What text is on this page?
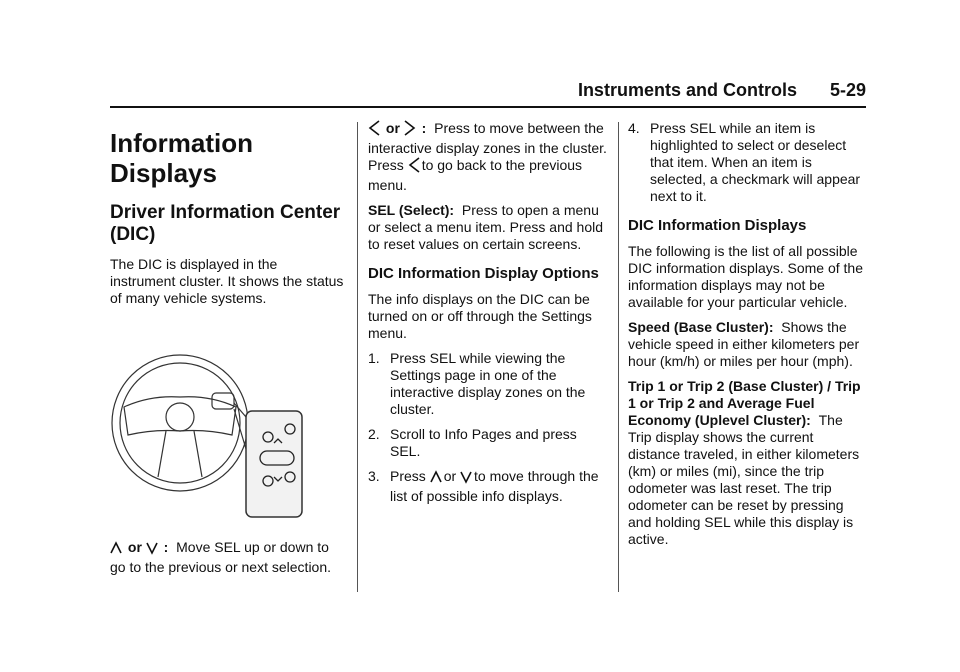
Instruments and Controls 5-29
Information Displays
Driver Information Center (DIC)

The DIC is displayed in the instrument cluster. It shows the status of many vehicle systems.

or : Move SEL up or down to go to the previous or next selection.

or : Press to move between the interactive display zones in the cluster. Press to go back to the previous menu.

SEL (Select): Press to open a menu or select a menu item. Press and hold to reset values on certain screens.

DIC Information Display Options

The info displays on the DIC can be turned on or off through the Settings menu.

1. Press SEL while viewing the Settings page in one of the interactive display zones on the cluster.
2. Scroll to Info Pages and press SEL.
3. Press or to move through the list of possible info displays.
4. Press SEL while an item is highlighted to select or deselect that item. When an item is selected, a checkmark will appear next to it.
DIC Information Displays

The following is the list of all possible DIC information displays. Some of the information displays may not be available for your particular vehicle.

Speed (Base Cluster): Shows the vehicle speed in either kilometers per hour (km/h) or miles per hour (mph).

Trip 1 or Trip 2 (Base Cluster) / Trip 1 or Trip 2 and Average Fuel Economy (Uplevel Cluster): The Trip display shows the current distance traveled, in either kilometers (km) or miles (mi), since the trip odometer was last reset. The trip odometer can be reset by pressing and holding SEL while this display is active.
